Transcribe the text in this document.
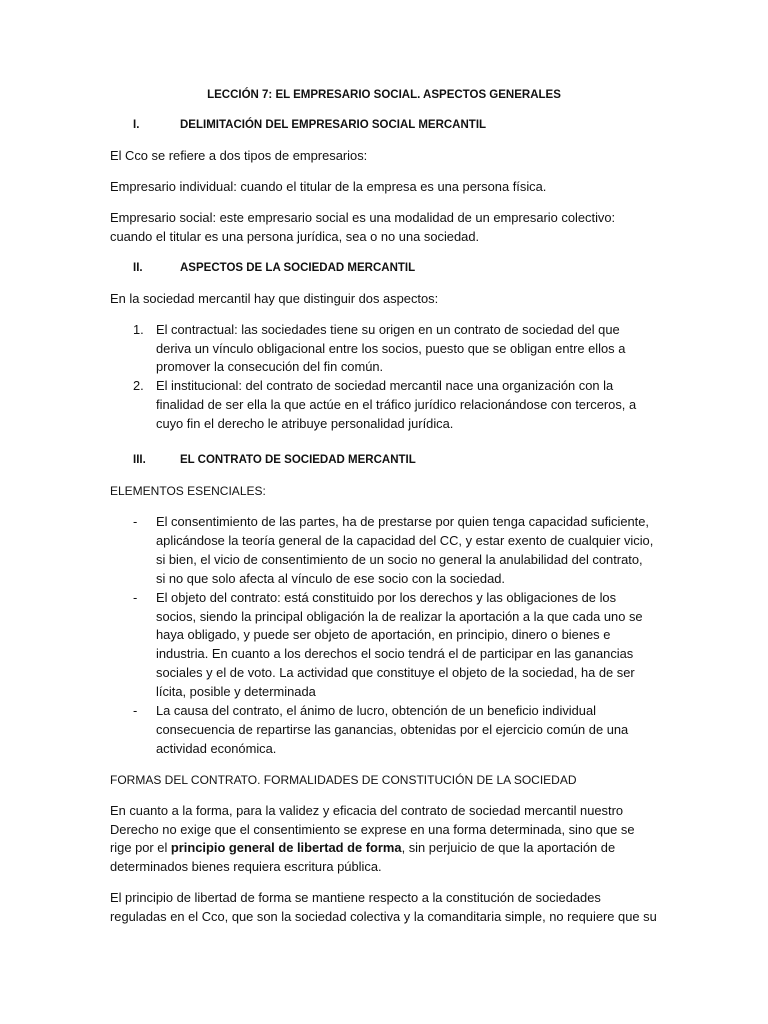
LECCIÓN 7: EL EMPRESARIO SOCIAL. ASPECTOS GENERALES
I.	DELIMITACIÓN DEL EMPRESARIO SOCIAL MERCANTIL
El Cco se refiere a dos tipos de empresarios:
Empresario individual: cuando el titular de la empresa es una persona física.
Empresario social: este empresario social es una modalidad de un empresario colectivo:
cuando el titular es una persona jurídica, sea o no una sociedad.
II.	ASPECTOS DE LA SOCIEDAD MERCANTIL
En la sociedad mercantil hay que distinguir dos aspectos:
1. El contractual: las sociedades tiene su origen en un contrato de sociedad del que
deriva un vínculo obligacional entre los socios, puesto que se obligan entre ellos a
promover la consecución del fin común.
2. El institucional: del contrato de sociedad mercantil nace una organización con la
finalidad de ser ella la que actúe en el tráfico jurídico relacionándose con terceros, a
cuyo fin el derecho le atribuye personalidad jurídica.
III.	EL CONTRATO DE SOCIEDAD MERCANTIL
ELEMENTOS ESENCIALES:
- El consentimiento de las partes, ha de prestarse por quien tenga capacidad suficiente,
aplicándose la teoría general de la capacidad del CC, y estar exento de cualquier vicio,
si bien, el vicio de consentimiento de un socio no general la anulabilidad del contrato,
si no que solo afecta al vínculo de ese socio con la sociedad.
- El objeto del contrato: está constituido por los derechos y las obligaciones de los
socios, siendo la principal obligación la de realizar la aportación a la que cada uno se
haya obligado, y puede ser objeto de aportación, en principio, dinero o bienes e
industria. En cuanto a los derechos el socio tendrá el de participar en las ganancias
sociales y el de voto. La actividad que constituye el objeto de la sociedad, ha de ser
lícita, posible y determinada
- La causa del contrato, el ánimo de lucro, obtención de un beneficio individual
consecuencia de repartirse las ganancias, obtenidas por el ejercicio común de una
actividad económica.
FORMAS DEL CONTRATO. FORMALIDADES DE CONSTITUCIÓN DE LA SOCIEDAD
En cuanto a la forma, para la validez y eficacia del contrato de sociedad mercantil nuestro
Derecho no exige que el consentimiento se exprese en una forma determinada, sino que se
rige por el principio general de libertad de forma, sin perjuicio de que la aportación de
determinados bienes requiera escritura pública.
El principio de libertad de forma se mantiene respecto a la constitución de sociedades
reguladas en el Cco, que son la sociedad colectiva y la comanditaria simple, no requiere que su
